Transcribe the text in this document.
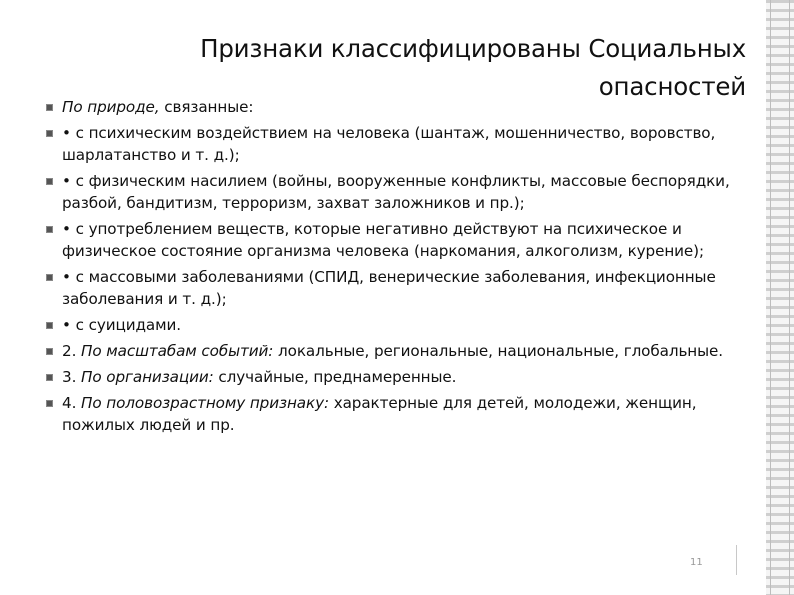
Признаки классифицированы Социальных опасностей
По природе, связанные:
• с психическим воздействием на человека (шантаж, мошенничество, воровство, шарлатанство и т. д.);
• с физическим насилием (войны, вооруженные конфликты, массовые беспорядки, разбой, бандитизм, терроризм, захват заложников и пр.);
• с употреблением веществ, которые негативно действуют на психическое и физическое состояние организма человека (наркомания, алкоголизм, курение);
• с массовыми заболеваниями (СПИД, венерические заболевания, инфекционные заболевания и т. д.);
• с суицидами.
2. По масштабам событий: локальные, региональные, национальные, глобальные.
3. По организации: случайные, преднамеренные.
4. По половозрастному признаку: характерные для детей, молодежи, женщин, пожилых людей и пр.
11
